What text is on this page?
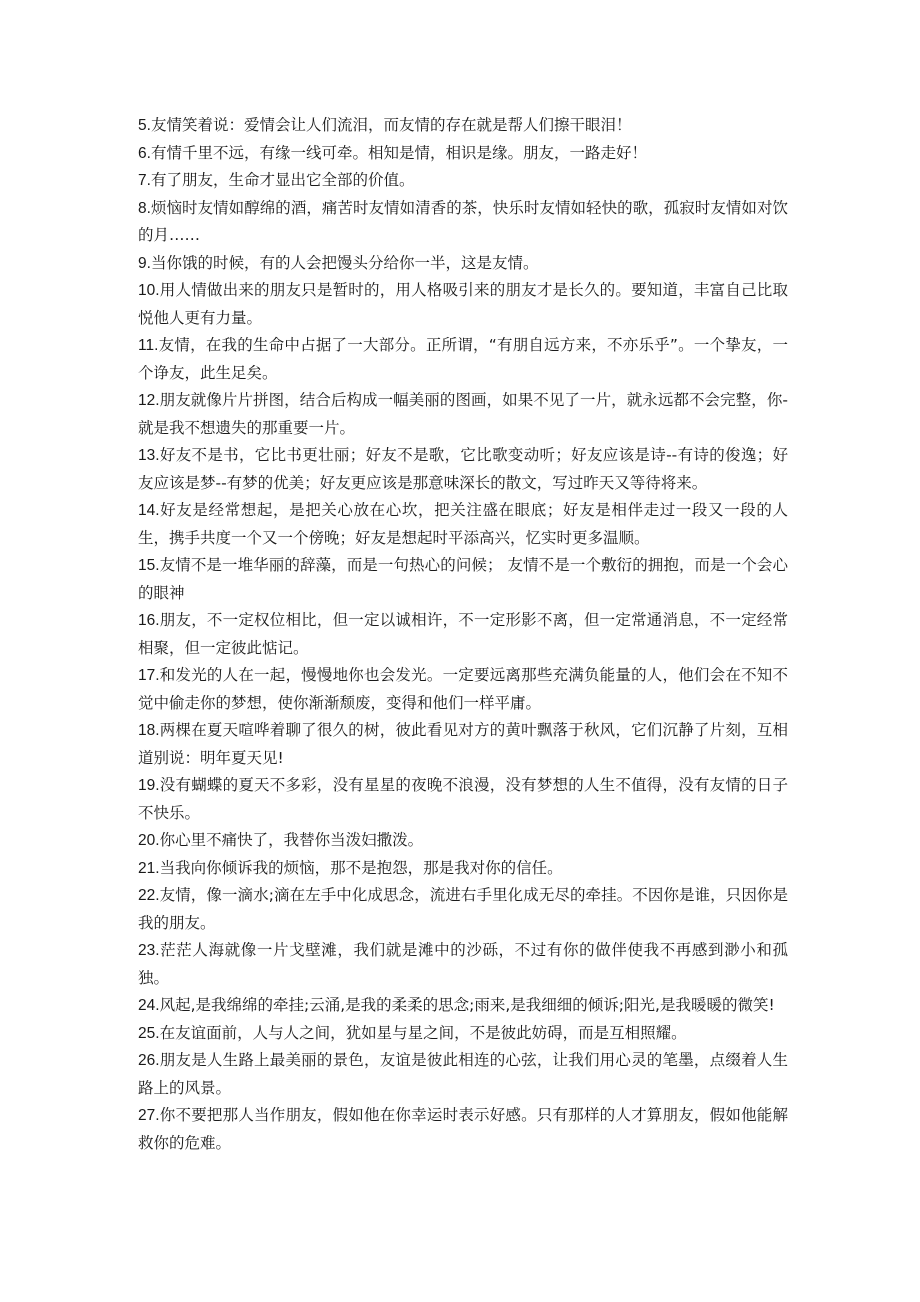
5.友情笑着说：爱情会让人们流泪，而友情的存在就是帮人们擦干眼泪！

6.有情千里不远，有缘一线可牵。相知是情，相识是缘。朋友，一路走好！

7.有了朋友，生命才显出它全部的价值。

8.烦恼时友情如醇绵的酒，痛苦时友情如清香的茶，快乐时友情如轻快的歌，孤寂时友情如对饮的月……

9.当你饿的时候，有的人会把馒头分给你一半，这是友情。

10.用人情做出来的朋友只是暂时的，用人格吸引来的朋友才是长久的。要知道，丰富自己比取悦他人更有力量。

11.友情，在我的生命中占据了一大部分。正所谓，“有朋自远方来，不亦乐乎”。一个挚友，一个诤友，此生足矣。

12.朋友就像片片拼图，结合后构成一幅美丽的图画，如果不见了一片，就永远都不会完整，你-就是我不想遗失的那重要一片。

13.好友不是书，它比书更壮丽；好友不是歌，它比歌变动听；好友应该是诗--有诗的俊逸；好友应该是梦--有梦的优美；好友更应该是那意味深长的散文，写过昨天又等待将来。

14.好友是经常想起，是把关心放在心坎，把关注盛在眼底；好友是相伴走过一段又一段的人生，携手共度一个又一个傍晚；好友是想起时平添高兴，忆实时更多温顺。

15.友情不是一堆华丽的辞藻，而是一句热心的问候； 友情不是一个敷衍的拥抱，而是一个会心的眼神

16.朋友，不一定权位相比，但一定以诚相许，不一定形影不离，但一定常通消息，不一定经常相聚，但一定彼此惦记。

17.和发光的人在一起，慢慢地你也会发光。一定要远离那些充满负能量的人，他们会在不知不觉中偷走你的梦想，使你渐渐颓废，变得和他们一样平庸。

18.两棵在夏天喧哗着聊了很久的树，彼此看见对方的黄叶飘落于秋风，它们沉静了片刻，互相道别说：明年夏天见!

19.没有蝴蝶的夏天不多彩，没有星星的夜晚不浪漫，没有梦想的人生不值得，没有友情的日子不快乐。

20.你心里不痛快了，我替你当泼妇撒泼。

21.当我向你倾诉我的烦恼，那不是抱怨，那是我对你的信任。

22.友情，像一滴水;滴在左手中化成思念，流进右手里化成无尽的牵挂。不因你是谁，只因你是我的朋友。

23.茫茫人海就像一片戈壁滩，我们就是滩中的沙砾，不过有你的做伴使我不再感到渺小和孤独。

24.风起,是我绵绵的牵挂;云涌,是我的柔柔的思念;雨来,是我细细的倾诉;阳光,是我暖暖的微笑!

25.在友谊面前，人与人之间，犹如星与星之间，不是彼此妨碍，而是互相照耀。

26.朋友是人生路上最美丽的景色，友谊是彼此相连的心弦，让我们用心灵的笔墨，点缀着人生路上的风景。

27.你不要把那人当作朋友，假如他在你幸运时表示好感。只有那样的人才算朋友，假如他能解救你的危难。
